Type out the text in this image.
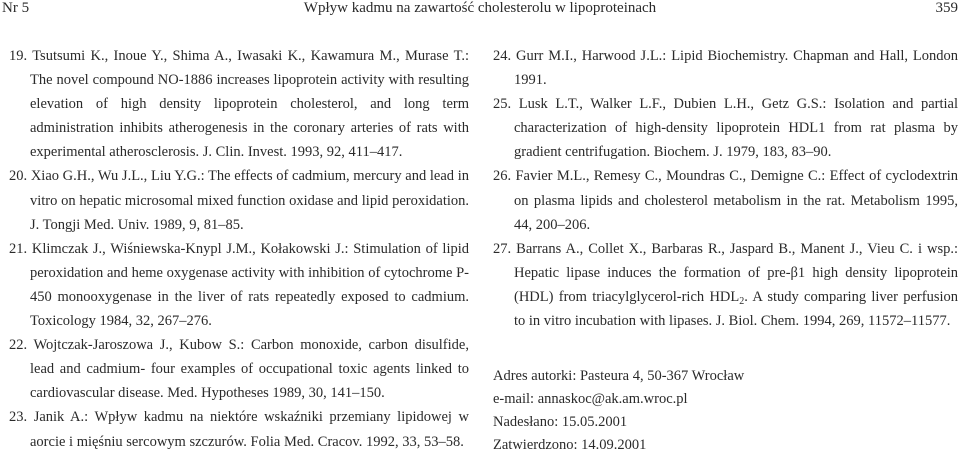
Nr 5	Wpływ kadmu na zawartość cholesterolu w lipoproteinach	359

19. Tsutsumi K., Inoue Y., Shima A., Iwasaki K., Kawamura M., Murase T.: The novel compound NO-1886 increases lipoprotein activity with resulting elevation of high density lipoprotein cholesterol, and long term administration inhibits atherogenesis in the coronary arteries of rats with experimental atherosclerosis. J. Clin. Invest. 1993, 92, 411–417.

20. Xiao G.H., Wu J.L., Liu Y.G.: The effects of cadmium, mercury and lead in vitro on hepatic microsomal mixed function oxidase and lipid peroxidation. J. Tongji Med. Univ. 1989, 9, 81–85.

21. Klimczak J., Wiśniewska-Knypl J.M., Kołakowski J.: Stimulation of lipid peroxidation and heme oxygenase activity with inhibition of cytochrome P-450 monooxygenase in the liver of rats repeatedly exposed to cadmium. Toxicology 1984, 32, 267–276.

22. Wojtczak-Jaroszowa J., Kubow S.: Carbon monoxide, carbon disulfide, lead and cadmium- four examples of occupational toxic agents linked to cardiovascular disease. Med. Hypotheses 1989, 30, 141–150.

23. Janik A.: Wpływ kadmu na niektóre wskaźniki przemiany lipidowej w aorcie i mięśniu sercowym szczurów. Folia Med. Cracov. 1992, 33, 53–58.

24. Gurr M.I., Harwood J.L.: Lipid Biochemistry. Chapman and Hall, London 1991.

25. Lusk L.T., Walker L.F., Dubien L.H., Getz G.S.: Isolation and partial characterization of high-density lipoprotein HDL1 from rat plasma by gradient centrifugation. Biochem. J. 1979, 183, 83–90.

26. Favier M.L., Remesy C., Moundras C., Demigne C.: Effect of cyclodextrin on plasma lipids and cholesterol metabolism in the rat. Metabolism 1995, 44, 200–206.

27. Barrans A., Collet X., Barbaras R., Jaspard B., Manent J., Vieu C. i wsp.: Hepatic lipase induces the formation of pre-β1 high density lipoprotein (HDL) from triacylglycerol-rich $HDL_2$. A study comparing liver perfusion to in vitro incubation with lipases. J. Biol. Chem. 1994, 269, 11572–11577.

Adres autorki: Pasteura 4, 50-367 Wrocław
e-mail: annaskoc@ak.am.wroc.pl
Nadesłano: 15.05.2001
Zatwierdzono: 14.09.2001
